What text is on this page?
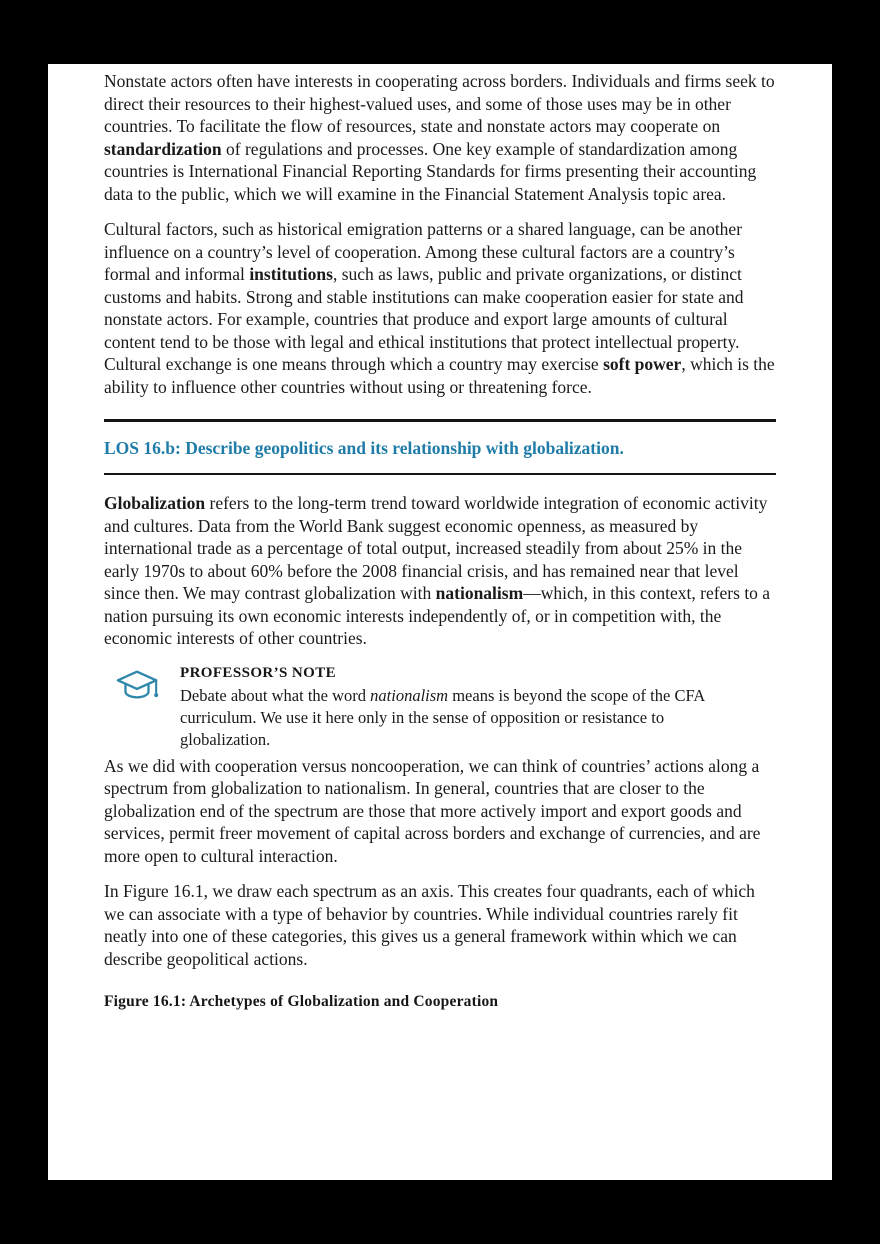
Nonstate actors often have interests in cooperating across borders. Individuals and firms seek to direct their resources to their highest-valued uses, and some of those uses may be in other countries. To facilitate the flow of resources, state and nonstate actors may cooperate on standardization of regulations and processes. One key example of standardization among countries is International Financial Reporting Standards for firms presenting their accounting data to the public, which we will examine in the Financial Statement Analysis topic area.

Cultural factors, such as historical emigration patterns or a shared language, can be another influence on a country’s level of cooperation. Among these cultural factors are a country’s formal and informal institutions, such as laws, public and private organizations, or distinct customs and habits. Strong and stable institutions can make cooperation easier for state and nonstate actors. For example, countries that produce and export large amounts of cultural content tend to be those with legal and ethical institutions that protect intellectual property. Cultural exchange is one means through which a country may exercise soft power, which is the ability to influence other countries without using or threatening force.

LOS 16.b: Describe geopolitics and its relationship with globalization.

Globalization refers to the long-term trend toward worldwide integration of economic activity and cultures. Data from the World Bank suggest economic openness, as measured by international trade as a percentage of total output, increased steadily from about 25% in the early 1970s to about 60% before the 2008 financial crisis, and has remained near that level since then. We may contrast globalization with nationalism—which, in this context, refers to a nation pursuing its own economic interests independently of, or in competition with, the economic interests of other countries.

PROFESSOR’S NOTE
Debate about what the word nationalism means is beyond the scope of the CFA curriculum. We use it here only in the sense of opposition or resistance to globalization.

As we did with cooperation versus noncooperation, we can think of countries’ actions along a spectrum from globalization to nationalism. In general, countries that are closer to the globalization end of the spectrum are those that more actively import and export goods and services, permit freer movement of capital across borders and exchange of currencies, and are more open to cultural interaction.

In Figure 16.1, we draw each spectrum as an axis. This creates four quadrants, each of which we can associate with a type of behavior by countries. While individual countries rarely fit neatly into one of these categories, this gives us a general framework within which we can describe geopolitical actions.

Figure 16.1: Archetypes of Globalization and Cooperation
